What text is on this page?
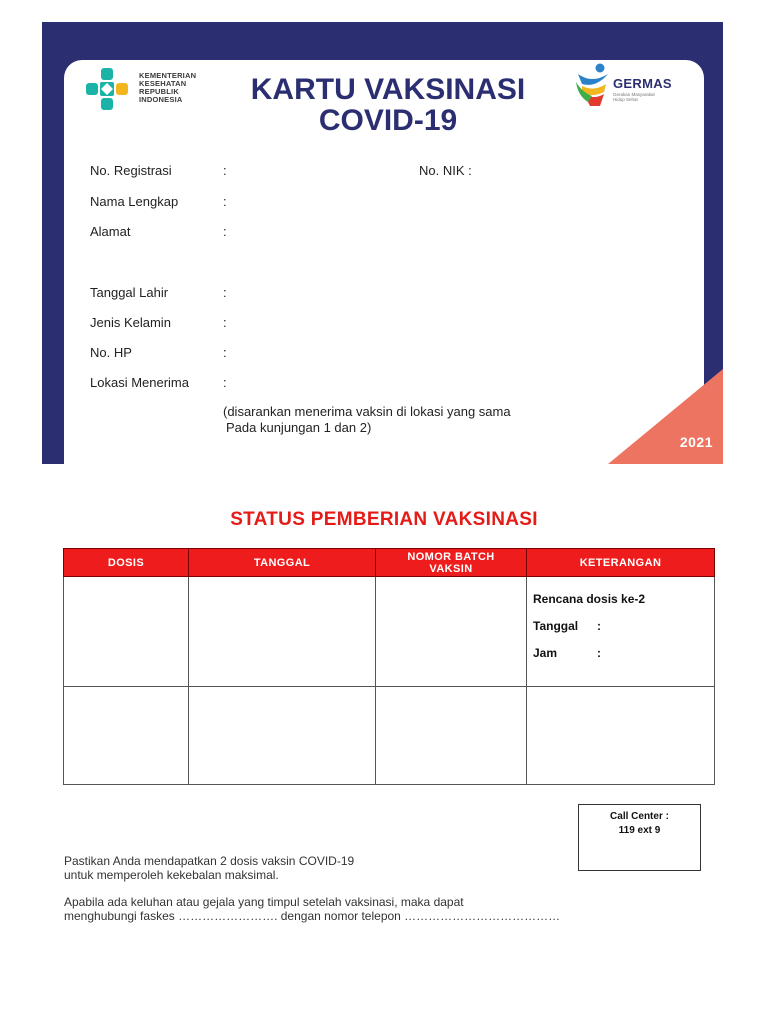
2021
KEMENTERIAN
KESEHATAN
REPUBLIK
INDONESIA	KARTU VAKSINASI
COVID-19
GERMAS
Gerakan Masyarakat
Hidup Sehat
No. Registrasi	:	No. NIK :
Nama Lengkap	:
Alamat	:
Tanggal Lahir	:
Jenis Kelamin	:
No. HP	:
Lokasi Menerima	:
(disarankan menerima vaksin di lokasi yang sama
Pada kunjungan 1 dan 2)
STATUS PEMBERIAN VAKSINASI
DOSIS	TANGGAL	NOMOR BATCH
VAKSIN	KETERANGAN

			Rencana dosis ke-2
Tanggal :
Jam :

Call Center :
119 ext 9
Pastikan Anda mendapatkan 2 dosis vaksin COVID-19
untuk memperoleh kekebalan maksimal.
Apabila ada keluhan atau gejala yang timpul setelah vaksinasi, maka dapat
menghubungi faskes ……………………. dengan nomor telepon …………………………………
